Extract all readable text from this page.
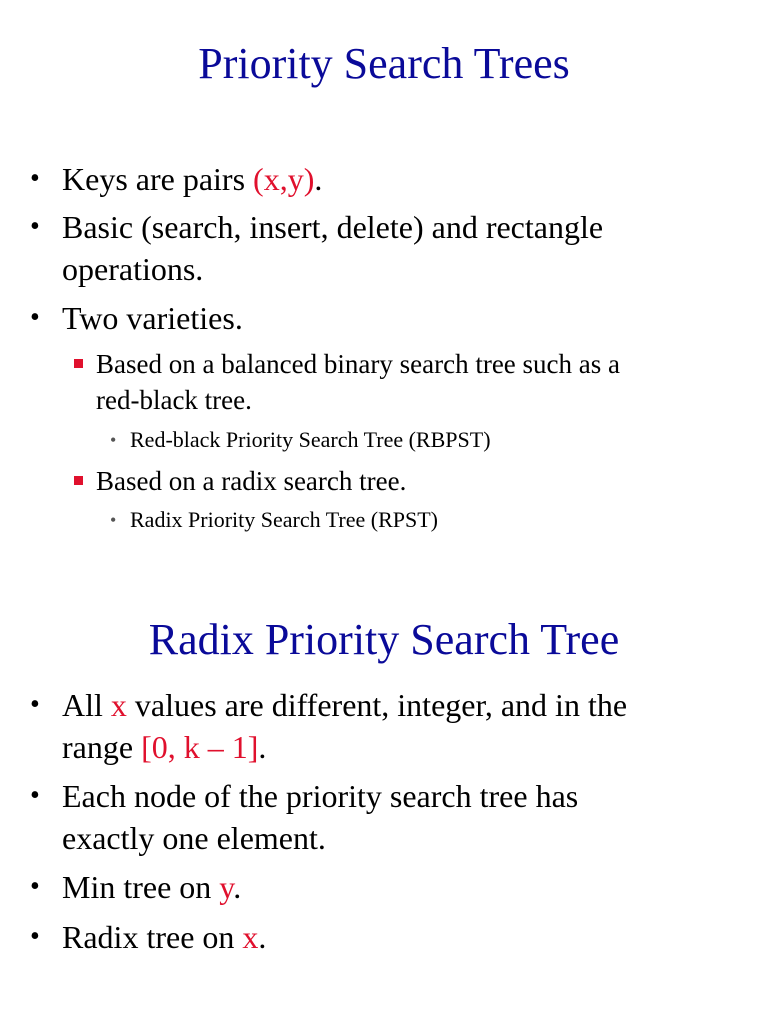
Priority Search Trees
• Keys are pairs (x,y).
• Basic (search, insert, delete) and rectangle
operations.
• Two varieties.
Based on a balanced binary search tree such as a
red-black tree.
• Red-black Priority Search Tree (RBPST)
Based on a radix search tree.
• Radix Priority Search Tree (RPST)
Radix Priority Search Tree
• All x values are different, integer, and in the
range [0, k – 1].
• Each node of the priority search tree has
exactly one element.
• Min tree on y.
• Radix tree on x.
